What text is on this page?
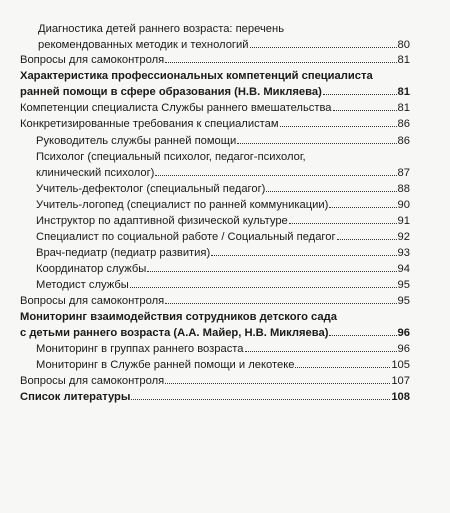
Диагностика детей раннего возраста: перечень
рекомендованных методик и технологий	80
Вопросы для самоконтроля	81
Характеристика профессиональных компетенций специалиста
ранней помощи в сфере образования (Н.В. Микляева)	81
Компетенции специалиста Службы раннего вмешательства	81
Конкретизированные требования к специалистам	86
Руководитель службы ранней помощи	86
Психолог (специальный психолог, педагог-психолог,
клинический психолог)	87
Учитель-дефектолог (специальный педагог)	88
Учитель-логопед (специалист по ранней коммуникации)	90
Инструктор по адаптивной физической культуре	91
Специалист по социальной работе / Социальный педагог	92
Врач-педиатр (педиатр развития)	93
Координатор службы	94
Методист службы	95
Вопросы для самоконтроля	95
Мониторинг взаимодействия сотрудников детского сада
с детьми раннего возраста (А.А. Майер, Н.В. Микляева)	96
Мониторинг в группах раннего возраста	96
Мониторинг в Службе ранней помощи и лекотеке	105
Вопросы для самоконтроля	107
Список литературы	108
